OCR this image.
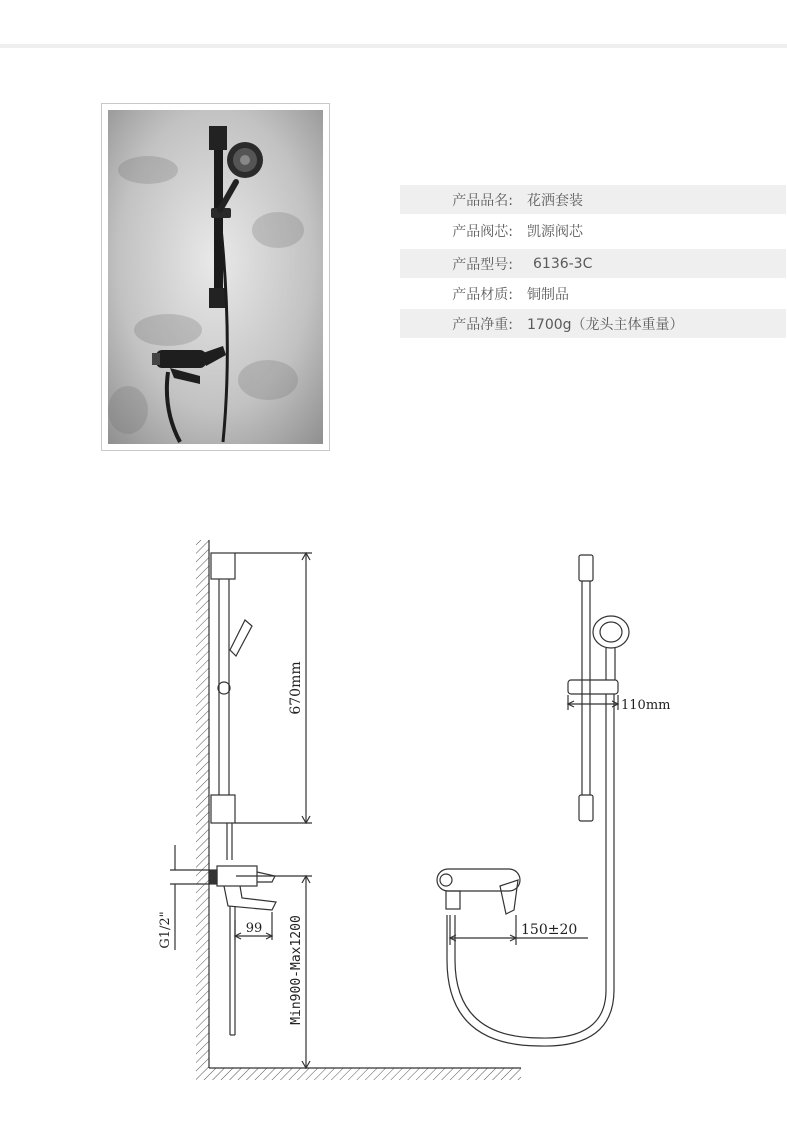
产品品名:	花洒套装
产品阀芯:	凯源阀芯
产品型号:	6136-3C
产品材质:	铜制品
产品净重:	1700g（龙头主体重量）
670mm
G1/2"	99 Min900-Max1200
110mm
150±20
